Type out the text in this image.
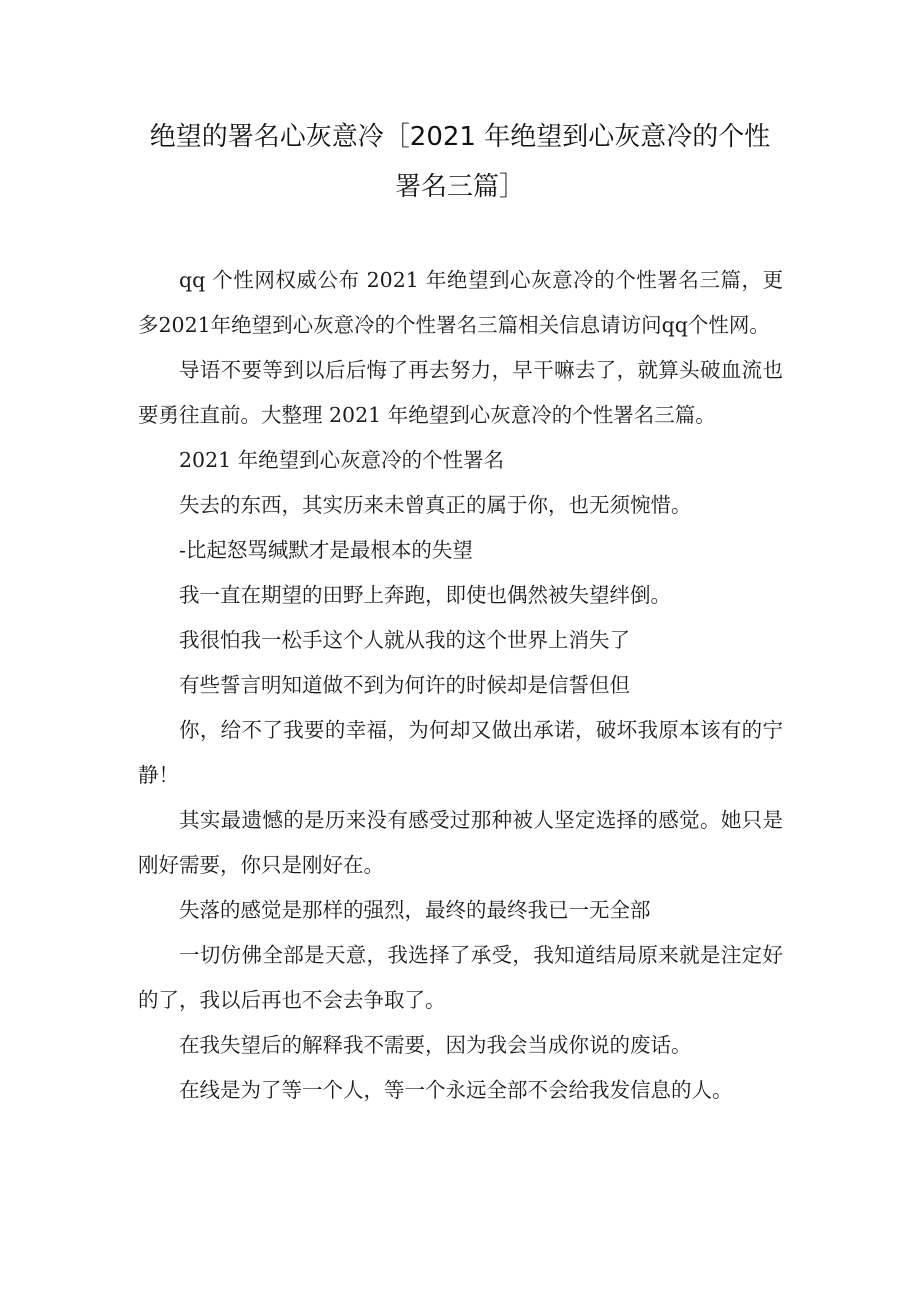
绝望的署名心灰意冷［2021 年绝望到心灰意冷的个性署名三篇］

qq 个性网权威公布 2021 年绝望到心灰意冷的个性署名三篇，更多2021年绝望到心灰意冷的个性署名三篇相关信息请访问qq个性网。

导语不要等到以后后悔了再去努力，早干嘛去了，就算头破血流也要勇往直前。大整理 2021 年绝望到心灰意冷的个性署名三篇。

2021 年绝望到心灰意冷的个性署名

失去的东西，其实历来未曾真正的属于你，也无须惋惜。

-比起怒骂缄默才是最根本的失望

我一直在期望的田野上奔跑，即使也偶然被失望绊倒。

我很怕我一松手这个人就从我的这个世界上消失了

有些誓言明知道做不到为何许的时候却是信誓但但

你，给不了我要的幸福，为何却又做出承诺，破坏我原本该有的宁静！

其实最遗憾的是历来没有感受过那种被人坚定选择的感觉。她只是刚好需要，你只是刚好在。

失落的感觉是那样的强烈，最终的最终我已一无全部

一切仿佛全部是天意，我选择了承受，我知道结局原来就是注定好的了，我以后再也不会去争取了。

在我失望后的解释我不需要，因为我会当成你说的废话。

在线是为了等一个人，等一个永远全部不会给我发信息的人。
